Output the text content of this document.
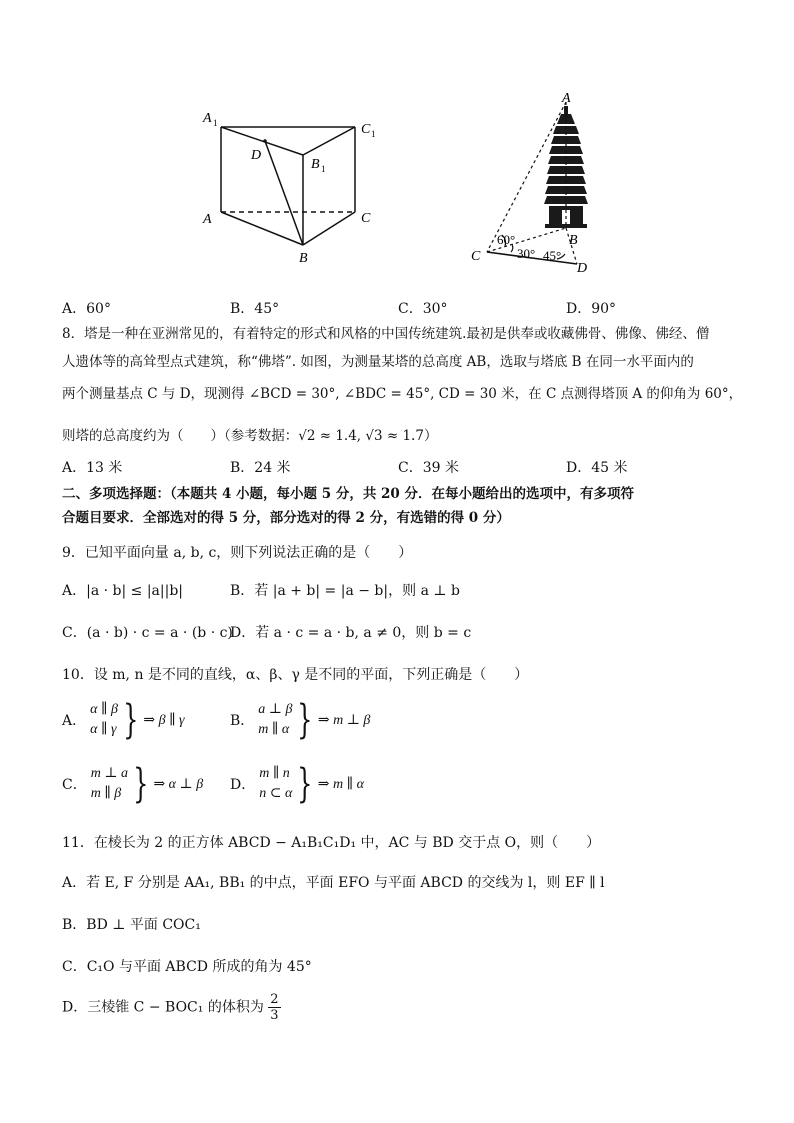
A 1	C 1
D
B 1
A	C
B
A
B
C
D
60°
30° 45°
A．60°	B．45°	C．30°	D．90°
8．塔是一种在亚洲常见的，有着特定的形式和风格的中国传统建筑.最初是供奉或收藏佛骨、佛像、佛经、僧
人遗体等的高耸型点式建筑，称“佛塔”. 如图，为测量某塔的总高度 AB，选取与塔底 B 在同一水平面内的
两个测量基点 C 与 D，现测得 ∠BCD = 30°, ∠BDC = 45°, CD = 30 米，在 C 点测得塔顶 A 的仰角为 60°，
则塔的总高度约为（　　）（参考数据：√2 ≈ 1.4, √3 ≈ 1.7）
A．13 米	B．24 米	C．39 米	D．45 米
二、多项选择题：（本题共 4 小题，每小题 5 分，共 20 分．在每小题给出的选项中，有多项符
合题目要求．全部选对的得 5 分，部分选对的得 2 分，有选错的得 0 分）
9．已知平面向量 a, b, c，则下列说法正确的是（　　）
A．|a · b| ≤ |a||b|	B．若 |a + b| = |a − b|，则 a ⊥ b
C．(a · b) · c = a · (b · c)
D．若 a · c = a · b, a ≠ 0，则 b = c
10．设 m, n 是不同的直线，α、β、γ 是不同的平面，下列正确是（　　）
A．
α ∥ β
α ∥ γ } ⇒ β ∥ γ	B．
a ⊥ β
m ∥ α } ⇒ m ⊥ β
C．
m ⊥ a
m ∥ β } ⇒ α ⊥ β D．
m ∥ n
n ⊂ α } ⇒ m ∥ α
11．在棱长为 2 的正方体 ABCD − A₁B₁C₁D₁ 中，AC 与 BD 交于点 O，则（　　）
A．若 E, F 分别是 AA₁, BB₁ 的中点，平面 EFO 与平面 ABCD 的交线为 l，则 EF ∥ l
B．BD ⊥ 平面 COC₁
C．C₁O 与平面 ABCD 所成的角为 45°
D．三棱锥 C − BOC₁ 的体积为 $\frac{2}{3}$
